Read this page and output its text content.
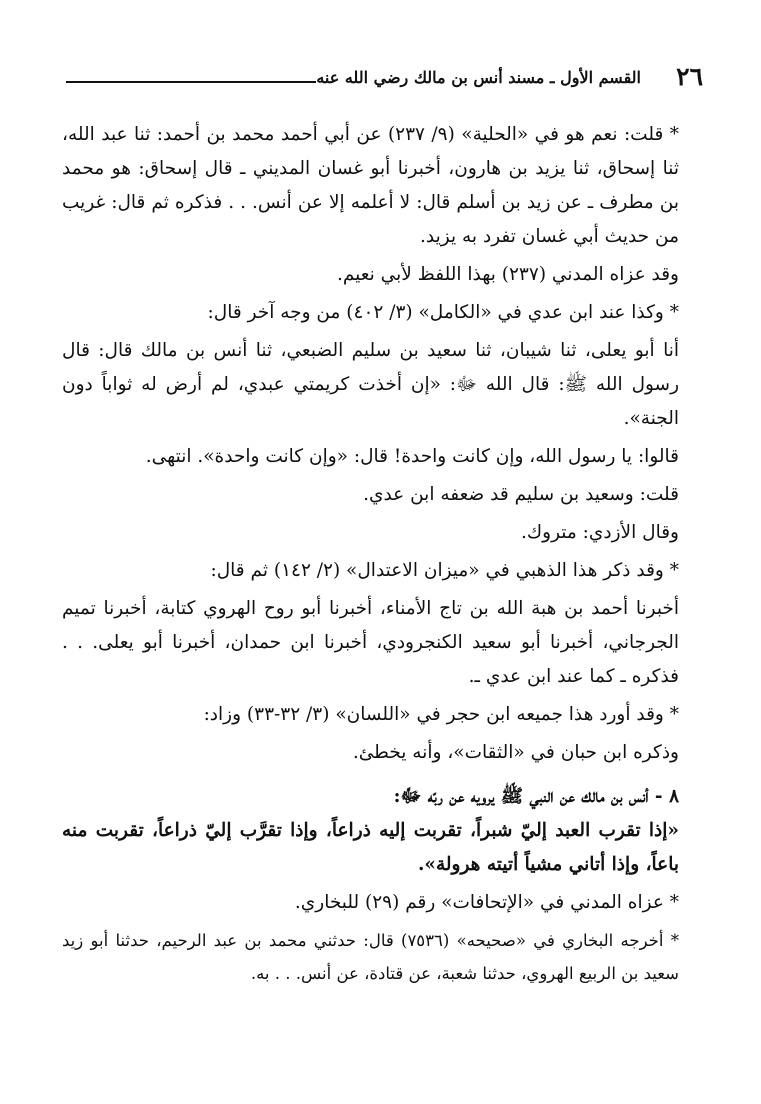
٢٦
القسم الأول ـ مسند أنس بن مالك رضي الله عنه

* قلت: نعم هو في «الحلية» (٩/ ٢٣٧) عن أبي أحمد محمد بن أحمد: ثنا عبد الله، ثنا إسحاق، ثنا يزيد بن هارون، أخبرنا أبو غسان المديني ـ قال إسحاق: هو محمد بن مطرف ـ عن زيد بن أسلم قال: لا أعلمه إلا عن أنس. . . فذكره ثم قال: غريب من حديث أبي غسان تفرد به يزيد.

وقد عزاه المدني (٢٣٧) بهذا اللفظ لأبي نعيم.

* وكذا عند ابن عدي في «الكامل» (٣/ ٤٠٢) من وجه آخر قال:

أنا أبو يعلى، ثنا شيبان، ثنا سعيد بن سليم الضبعي، ثنا أنس بن مالك قال: قال رسول الله ﷺ: قال الله ﷻ: «إن أخذت كريمتي عبدي، لم أرض له ثواباً دون الجنة».

قالوا: يا رسول الله، وإن كانت واحدة! قال: «وإن كانت واحدة». انتهى.

قلت: وسعيد بن سليم قد ضعفه ابن عدي.

وقال الأزدي: متروك.

* وقد ذكر هذا الذهبي في «ميزان الاعتدال» (٢/ ١٤٢) ثم قال:

أخبرنا أحمد بن هبة الله بن تاج الأمناء، أخبرنا أبو روح الهروي كتابة، أخبرنا تميم الجرجاني، أخبرنا أبو سعيد الكنجرودي، أخبرنا ابن حمدان، أخبرنا أبو يعلى. . . فذكره ـ كما عند ابن عدي ـ.

* وقد أورد هذا جميعه ابن حجر في «اللسان» (٣/ ٣٢-٣٣) وزاد:

وذكره ابن حبان في «الثقات»، وأنه يخطئ.

٨ - أنس بن مالك عن النبي ﷺ يرويه عن ربّه ﷻ:

«إذا تقرب العبد إليّ شبراً، تقربت إليه ذراعاً، وإذا تقرَّب إليّ ذراعاً، تقربت منه باعاً، وإذا أتاني مشياً أتيته هرولة».

* عزاه المدني في «الإتحافات» رقم (٢٩) للبخاري.

* أخرجه البخاري في «صحيحه» (٧٥٣٦) قال: حدثني محمد بن عبد الرحيم، حدثنا أبو زيد سعيد بن الربيع الهروي، حدثنا شعبة، عن قتادة، عن أنس. . . به.
